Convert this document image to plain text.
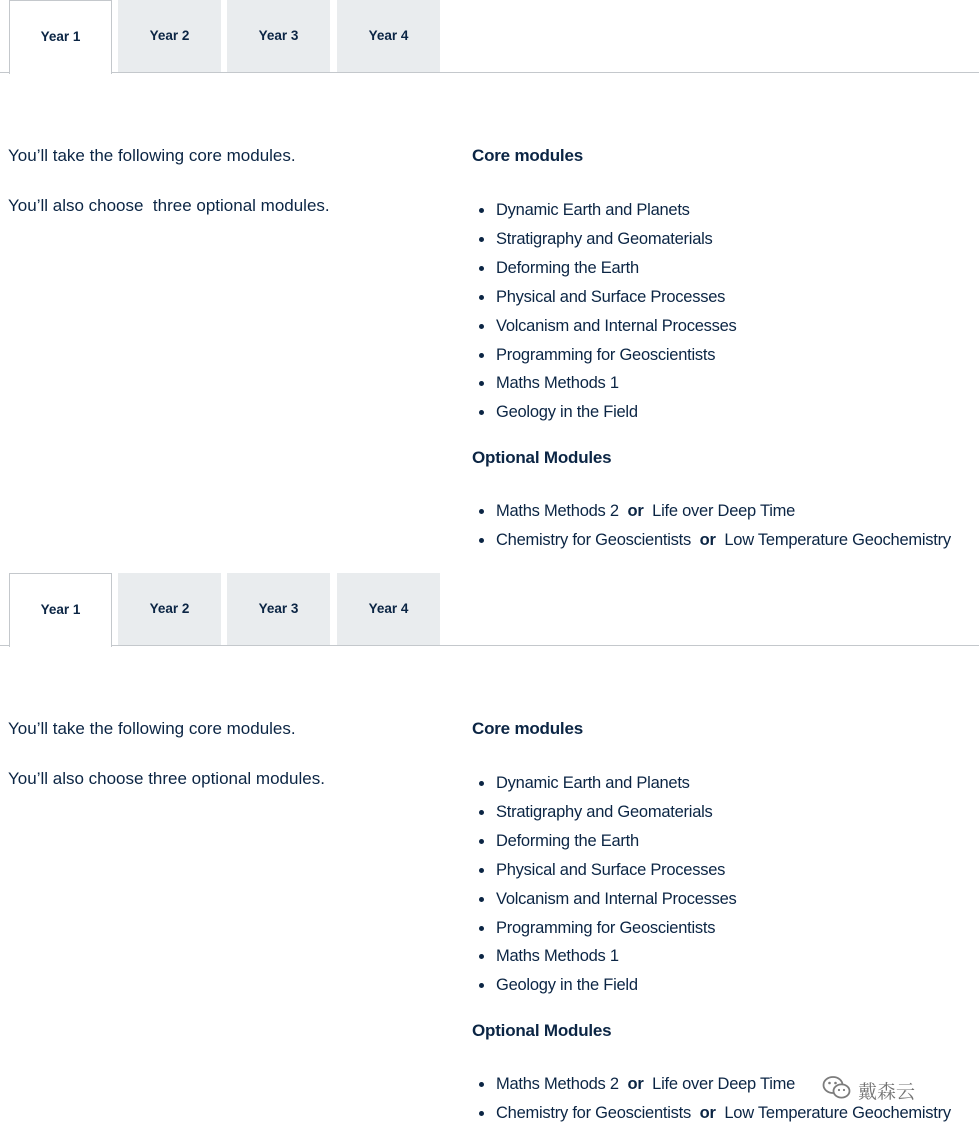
Year 1	Year 2	Year 3	Year 4

You’ll take the following core modules.

You’ll also choose  three optional modules.

Core modules
Dynamic Earth and Planets
Stratigraphy and Geomaterials
Deforming the Earth
Physical and Surface Processes
Volcanism and Internal Processes
Programming for Geoscientists
Maths Methods 1
Geology in the Field
Optional Modules
Maths Methods 2  or  Life over Deep Time
Chemistry for Geoscientists  or  Low Temperature Geochemistry
Year 1	Year 2	Year 3	Year 4

You’ll take the following core modules.

You’ll also choose three optional modules.

Core modules
Dynamic Earth and Planets
Stratigraphy and Geomaterials
Deforming the Earth
Physical and Surface Processes
Volcanism and Internal Processes
Programming for Geoscientists
Maths Methods 1
Geology in the Field
Optional Modules
Maths Methods 2  or  Life over Deep Time
Chemistry for Geoscientists  or  Low Temperature Geochemistry
戴森云
